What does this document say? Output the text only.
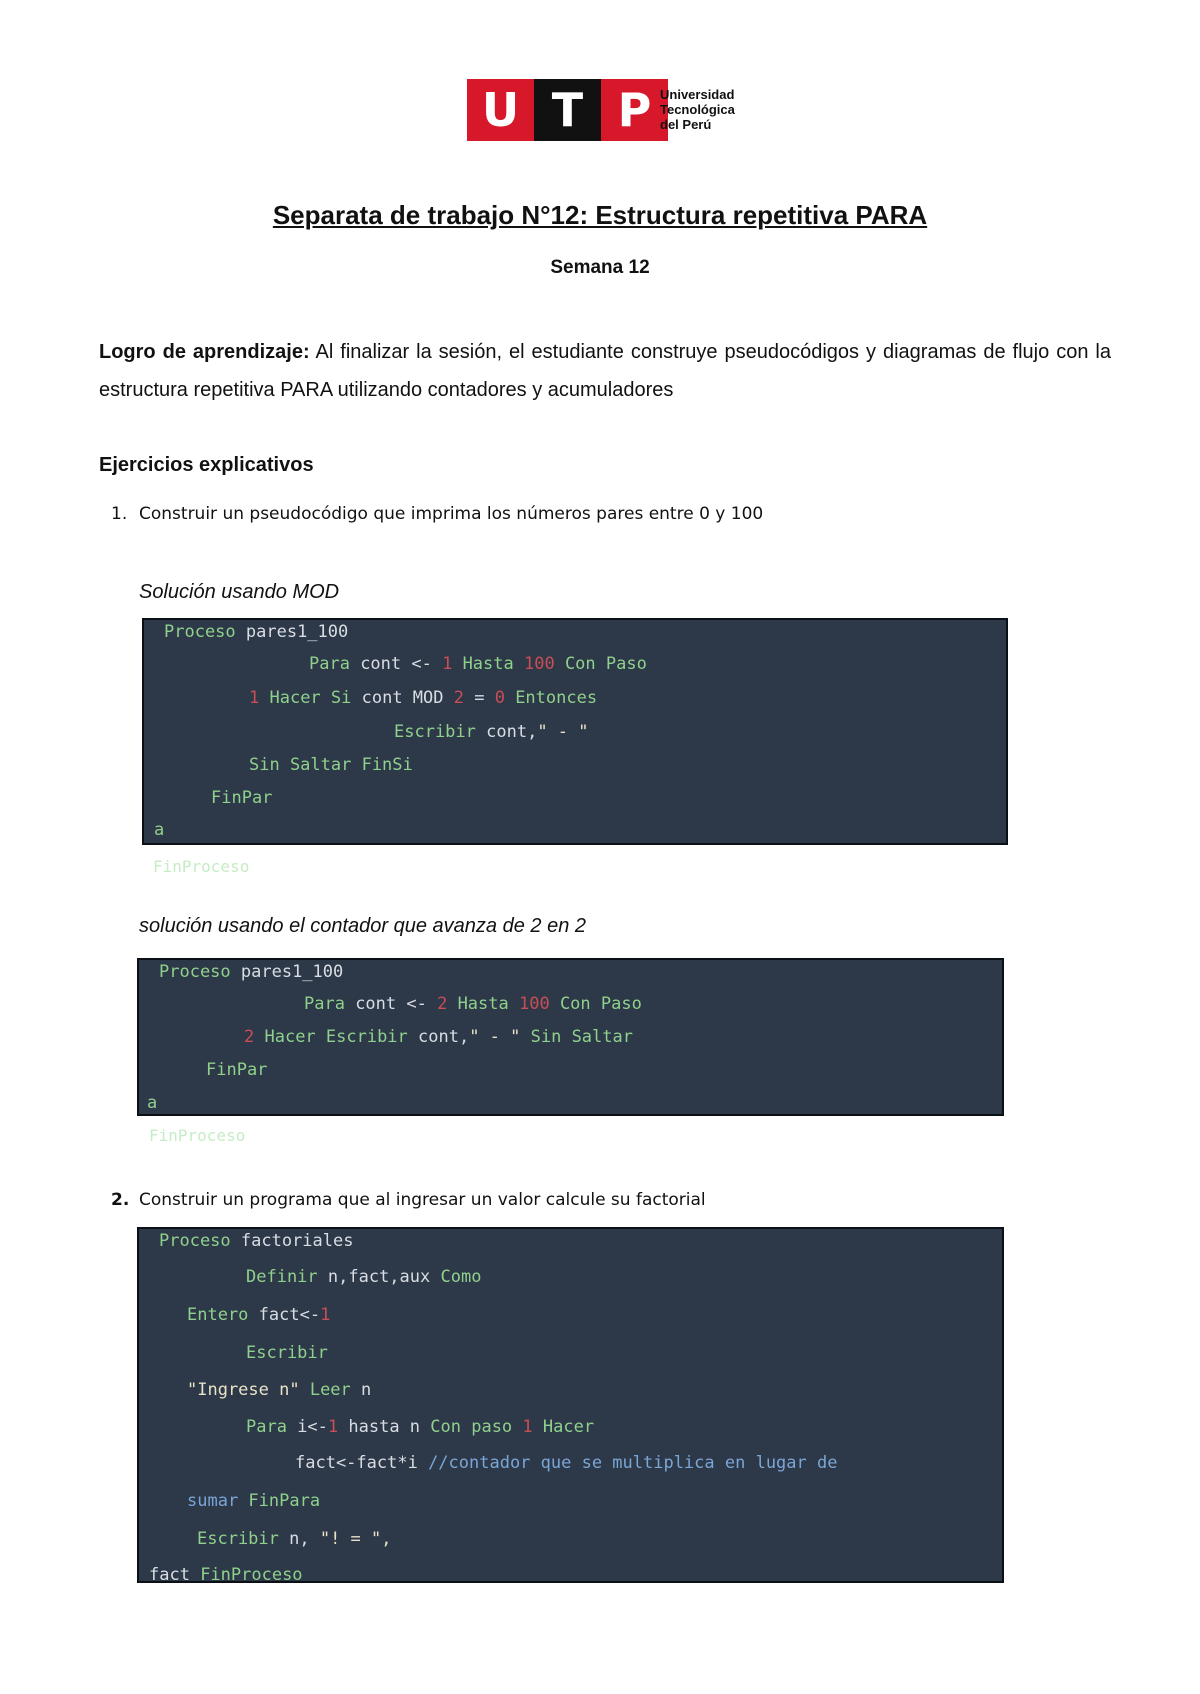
U T P Universidad
Tecnológica
del Perú
Separata de trabajo N°12: Estructura repetitiva PARA
Semana 12
Logro de aprendizaje: Al finalizar la sesión, el estudiante construye pseudocódigos y diagramas de flujo con la estructura repetitiva PARA utilizando contadores y acumuladores
Ejercicios explicativos
1. Construir un pseudocódigo que imprima los números pares entre 0 y 100
Solución usando MOD
Proceso pares1_100
Para cont <- 1 Hasta 100 Con Paso
1 Hacer Si cont MOD 2 = 0 Entonces
Escribir cont," - "
Sin Saltar FinSi
FinPar
a
FinProceso
solución usando el contador que avanza de 2 en 2
Proceso pares1_100
Para cont <- 2 Hasta 100 Con Paso
2 Hacer Escribir cont," - " Sin Saltar
FinPar
a
FinProceso
2. Construir un programa que al ingresar un valor calcule su factorial
Proceso factoriales
Definir n,fact,aux Como
Entero fact<-1
Escribir
"Ingrese n" Leer n
Para i<-1 hasta n Con paso 1 Hacer
fact<-fact*i //contador que se multiplica en lugar de
sumar FinPara
Escribir n, "! = ",
fact FinProceso
